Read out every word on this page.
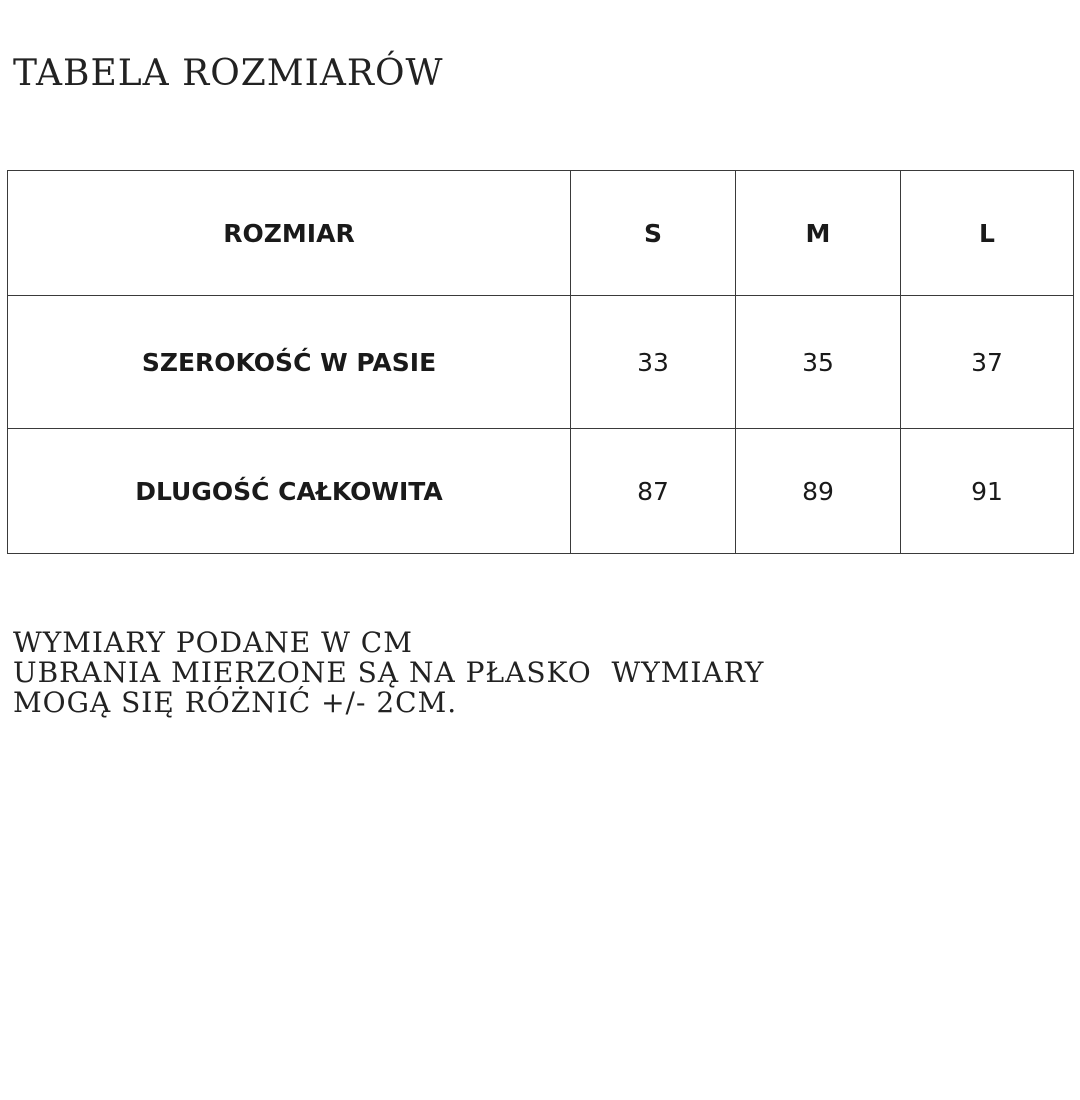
TABELA ROZMIARÓW
ROZMIAR	S	M	L
SZEROKOŚĆ W PASIE	33	35	37
DLUGOŚĆ CAŁKOWITA	87	89	91

WYMIARY PODANE W CM
UBRANIA MIERZONE SĄ NA PŁASKO  WYMIARY
MOGĄ SIĘ RÓŻNIĆ +/- 2CM.
